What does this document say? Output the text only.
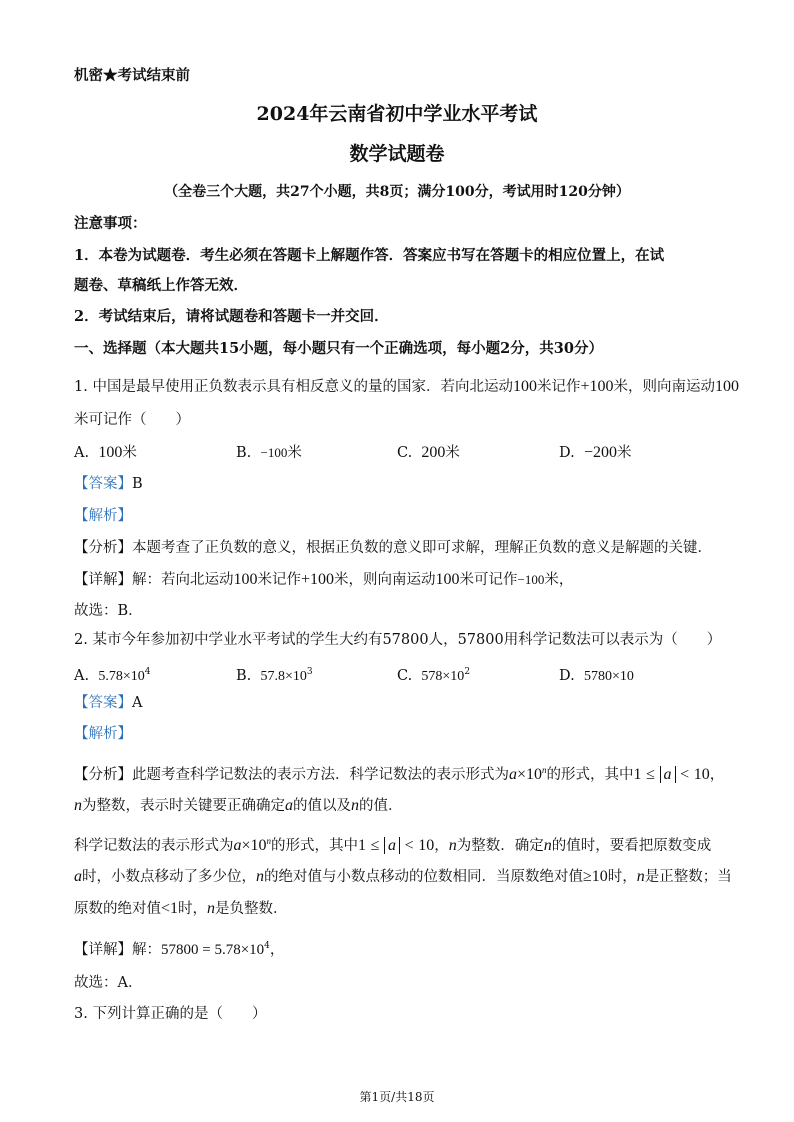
机密★考试结束前
2024年云南省初中学业水平考试
数学试题卷
（全卷三个大题，共27个小题，共8页；满分100分，考试用时120分钟）
注意事项：
1．本卷为试题卷．考生必须在答题卡上解题作答．答案应书写在答题卡的相应位置上，在试
题卷、草稿纸上作答无效．
2．考试结束后，请将试题卷和答题卡一并交回．
一、选择题（本大题共15小题，每小题只有一个正确选项，每小题2分，共30分）
1. 中国是最早使用正负数表示具有相反意义的量的国家．若向北运动100米记作+100米，则向南运动100
米可记作（　　）
A. 100米	B. −100米	C. 200米	D. −200米
【答案】B
【解析】
【分析】本题考查了正负数的意义，根据正负数的意义即可求解，理解正负数的意义是解题的关键．
【详解】解：若向北运动100米记作+100米，则向南运动100米可记作−100米，
故选：B．
2. 某市今年参加初中学业水平考试的学生大约有57800人，57800用科学记数法可以表示为（　　）
A. $5.78\times 10^4$	B. $57.8\times 10^3$	C. $578\times 10^2$	D. 5780×10
【答案】A
【解析】
【分析】此题考查科学记数法的表示方法．科学记数法的表示形式为$a\times 10^n$的形式，其中1 ≤ a < 10，
n为整数，表示时关键要正确确定a的值以及n的值．
科学记数法的表示形式为$a\times 10^n$的形式，其中1 ≤ a < 10，n为整数．确定n的值时，要看把原数变成
a时，小数点移动了多少位，n的绝对值与小数点移动的位数相同．当原数绝对值≥10时，n是正整数；当
原数的绝对值<1时，n是负整数．
【详解】解：$57800 = 5.78\times 10^4$，
故选：A．
3. 下列计算正确的是（　　）
第1页/共18页
